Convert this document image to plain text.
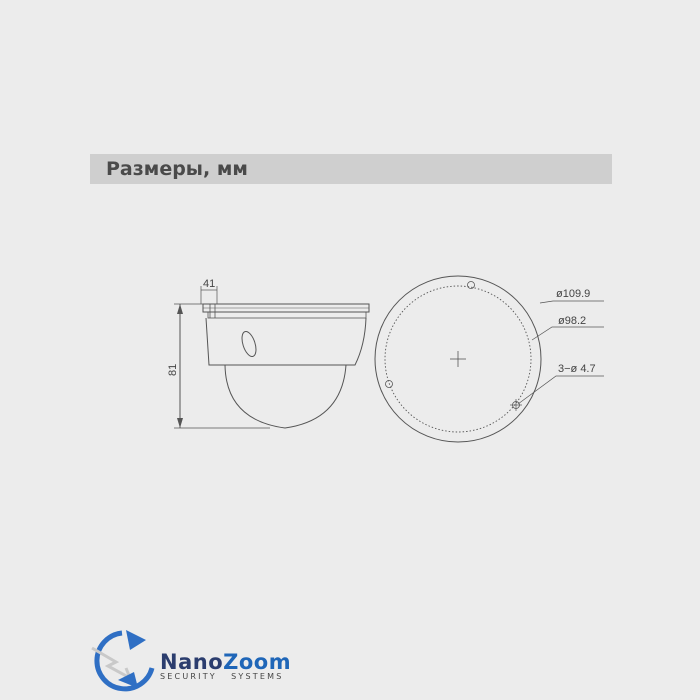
Размеры, мм
41
81
ø109.9
ø98.2
3−ø 4.7
NanoZoom
SECURITY SYSTEMS
